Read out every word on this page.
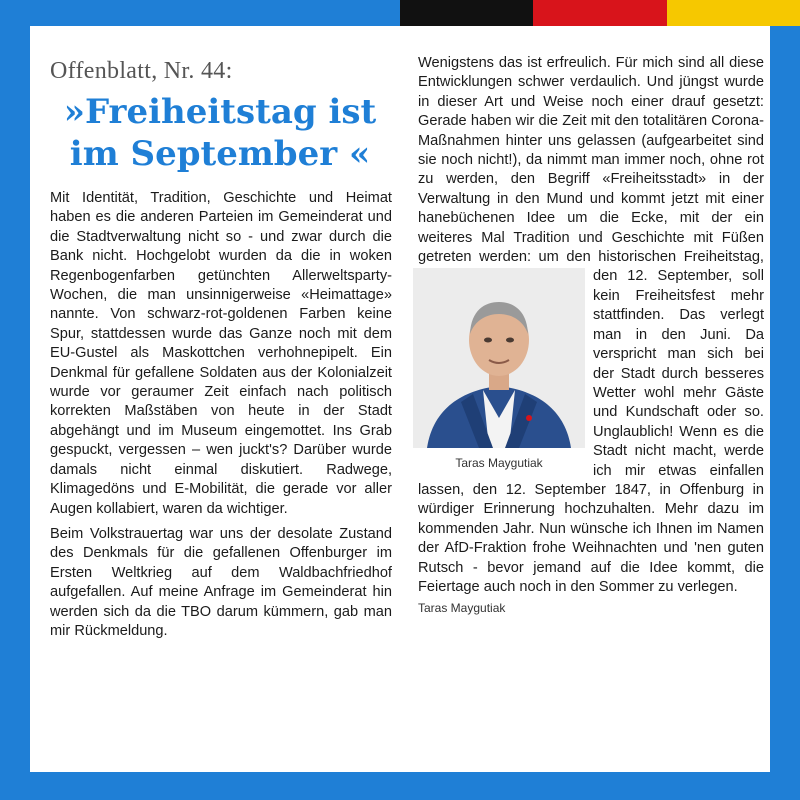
Offenblatt, Nr. 44:
»Freiheitstag ist
im September «

Mit Identität, Tradition, Geschichte und Heimat haben es die anderen Parteien im Gemeinderat und die Stadtverwaltung nicht so - und zwar durch die Bank nicht. Hochgelobt wurden da die in woken Regenbogenfarben getünchten Allerweltsparty-Wochen, die man unsinnigerweise «Heimattage» nannte. Von schwarz-rot-goldenen Farben keine Spur, stattdessen wurde das Ganze noch mit dem EU-Gustel als Maskottchen verhohnepipelt. Ein Denkmal für gefallene Soldaten aus der Kolonialzeit wurde vor geraumer Zeit einfach nach politisch korrekten Maßstäben von heute in der Stadt abgehängt und im Museum eingemottet. Ins Grab gespuckt, vergessen – wen juckt's? Darüber wurde damals nicht einmal diskutiert. Radwege, Klimagedöns und E-Mobilität, die gerade vor aller Augen kollabiert, waren da wichtiger.

Beim Volkstrauertag war uns der desolate Zustand des Denkmals für die gefallenen Offenburger im Ersten Weltkrieg auf dem Waldbachfriedhof aufgefallen. Auf meine Anfrage im Gemeinderat hin werden sich da die TBO darum kümmern, gab man mir Rückmeldung.

Taras Maygutiak

Wenigstens das ist erfreulich. Für mich sind all diese Entwicklungen schwer verdaulich. Und jüngst wurde in dieser Art und Weise noch einer drauf gesetzt: Gerade haben wir die Zeit mit den totalitären Corona-Maßnahmen hinter uns gelassen (aufgearbeitet sind sie noch nicht!), da nimmt man immer noch, ohne rot zu werden, den Begriff «Freiheitsstadt» in der Verwaltung in den Mund und kommt jetzt mit einer hanebüchenen Idee um die Ecke, mit der ein weiteres Mal Tradition und Geschichte mit Füßen getreten werden: um den historischen Freiheitstag, den 12. September, soll kein Freiheitsfest mehr stattfinden. Das verlegt man in den Juni. Da verspricht man sich bei der Stadt durch besseres Wetter wohl mehr Gäste und Kundschaft oder so. Unglaublich! Wenn es die Stadt nicht macht, werde ich mir etwas einfallen lassen, den 12. September 1847, in Offenburg in würdiger Erinnerung hochzuhalten. Mehr dazu im kommenden Jahr. Nun wünsche ich Ihnen im Namen der AfD-Fraktion frohe Weihnachten und 'nen guten Rutsch - bevor jemand auf die Idee kommt, die Feiertage auch noch in den Sommer zu verlegen.

Taras Maygutiak
